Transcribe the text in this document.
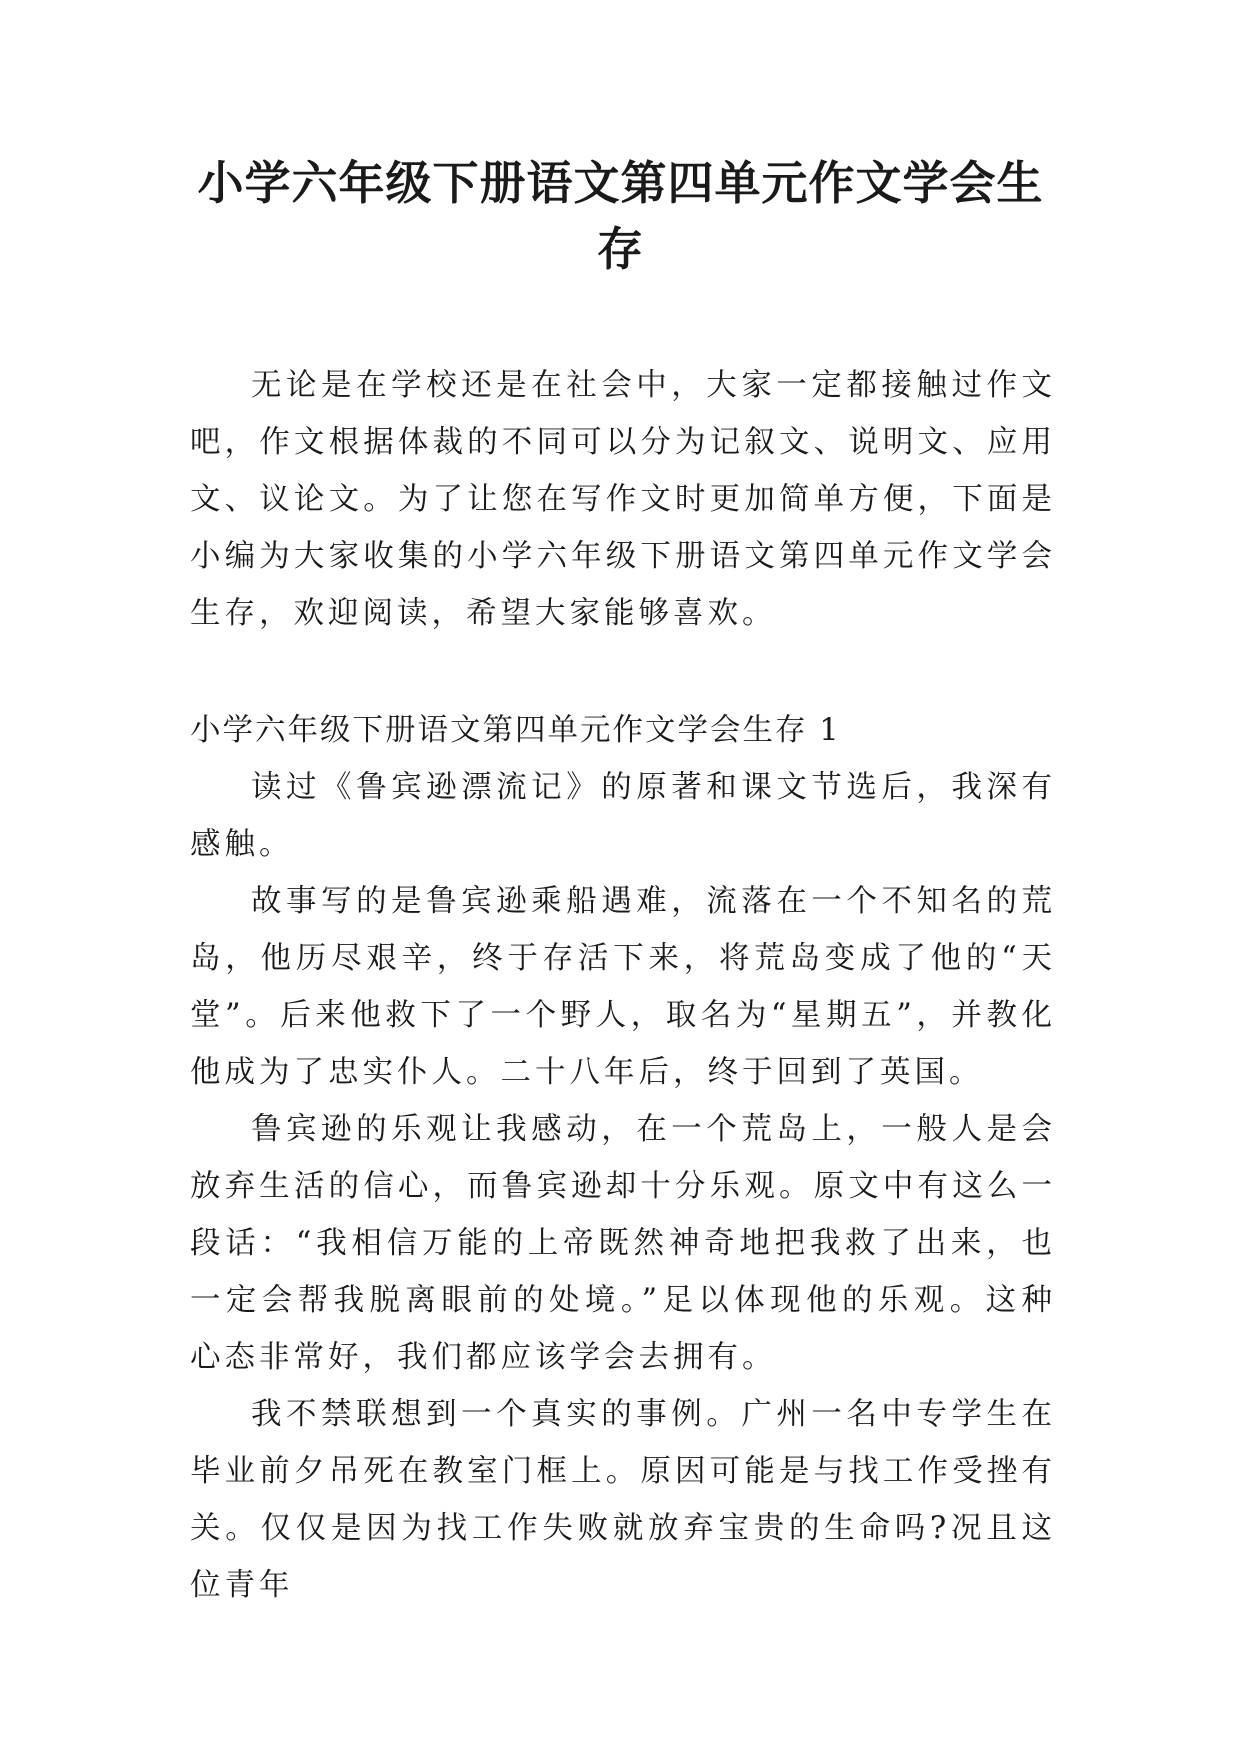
小学六年级下册语文第四单元作文学会生存

无论是在学校还是在社会中，大家一定都接触过作文吧，作文根据体裁的不同可以分为记叙文、说明文、应用文、议论文。为了让您在写作文时更加简单方便，下面是小编为大家收集的小学六年级下册语文第四单元作文学会生存，欢迎阅读，希望大家能够喜欢。

小学六年级下册语文第四单元作文学会生存 1

读过《鲁宾逊漂流记》的原著和课文节选后，我深有感触。

故事写的是鲁宾逊乘船遇难，流落在一个不知名的荒岛，他历尽艰辛，终于存活下来，将荒岛变成了他的“天堂”。后来他救下了一个野人，取名为“星期五”，并教化他成为了忠实仆人。二十八年后，终于回到了英国。

鲁宾逊的乐观让我感动，在一个荒岛上，一般人是会放弃生活的信心，而鲁宾逊却十分乐观。原文中有这么一段话：“我相信万能的上帝既然神奇地把我救了出来，也一定会帮我脱离眼前的处境。”足以体现他的乐观。这种心态非常好，我们都应该学会去拥有。

我不禁联想到一个真实的事例。广州一名中专学生在毕业前夕吊死在教室门框上。原因可能是与找工作受挫有关。仅仅是因为找工作失败就放弃宝贵的生命吗?况且这位青年
